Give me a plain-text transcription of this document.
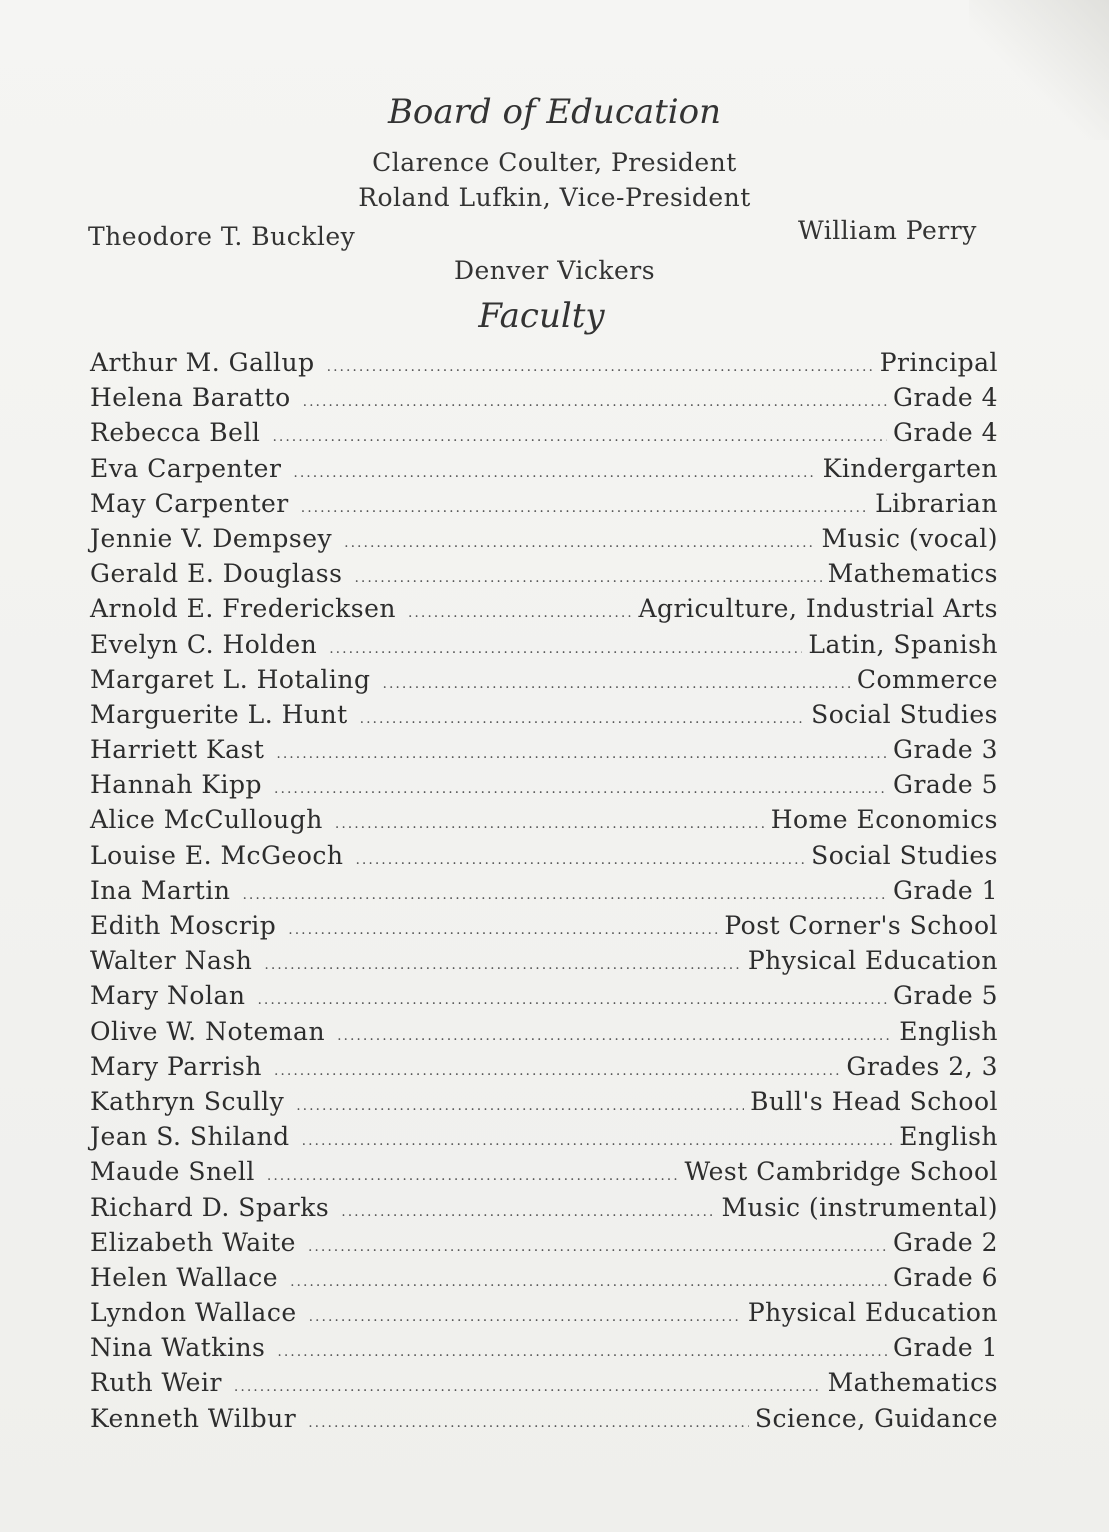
Board of Education
Clarence Coulter, President
Roland Lufkin, Vice-President
Theodore T. Buckley	William Perry
Denver Vickers
Faculty
Arthur M. Gallup .....	Principal
Helena Baratto .....	Grade 4
Rebecca Bell .....	Grade 4
Eva Carpenter .....	Kindergarten
May Carpenter .....	Librarian
Jennie V. Dempsey .....	Music (vocal)
Gerald E. Douglass .....	Mathematics
Arnold E. Fredericksen .....	Agriculture, Industrial Arts
Evelyn C. Holden .....	Latin, Spanish
Margaret L. Hotaling .....	Commerce
Marguerite L. Hunt .....	Social Studies
Harriett Kast .....	Grade 3
Hannah Kipp .....	Grade 5
Alice McCullough .....	Home Economics
Louise E. McGeoch .....	Social Studies
Ina Martin .....	Grade 1
Edith Moscrip .....	Post Corner's School
Walter Nash .....	Physical Education
Mary Nolan .....	Grade 5
Olive W. Noteman .....	English
Mary Parrish .....	Grades 2, 3
Kathryn Scully .....	Bull's Head School
Jean S. Shiland .....	English
Maude Snell .....	West Cambridge School
Richard D. Sparks .....	Music (instrumental)
Elizabeth Waite .....	Grade 2
Helen Wallace .....	Grade 6
Lyndon Wallace .....	Physical Education
Nina Watkins .....	Grade 1
Ruth Weir .....	Mathematics
Kenneth Wilbur .....	Science, Guidance
